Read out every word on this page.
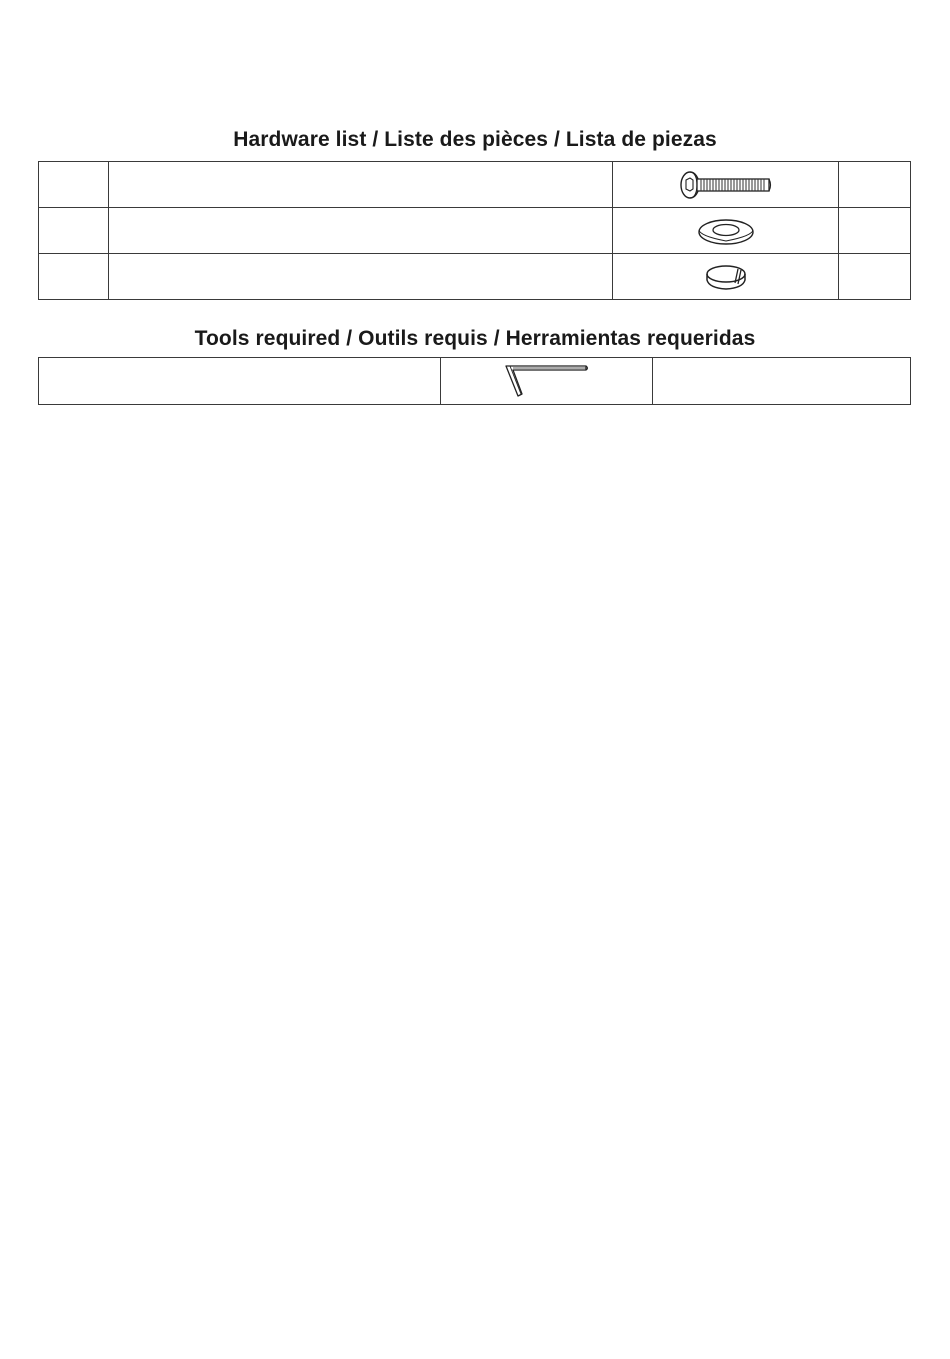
Hardware list / Liste des pièces / Lista de piezas

Tools required / Outils requis / Herramientas requeridas
